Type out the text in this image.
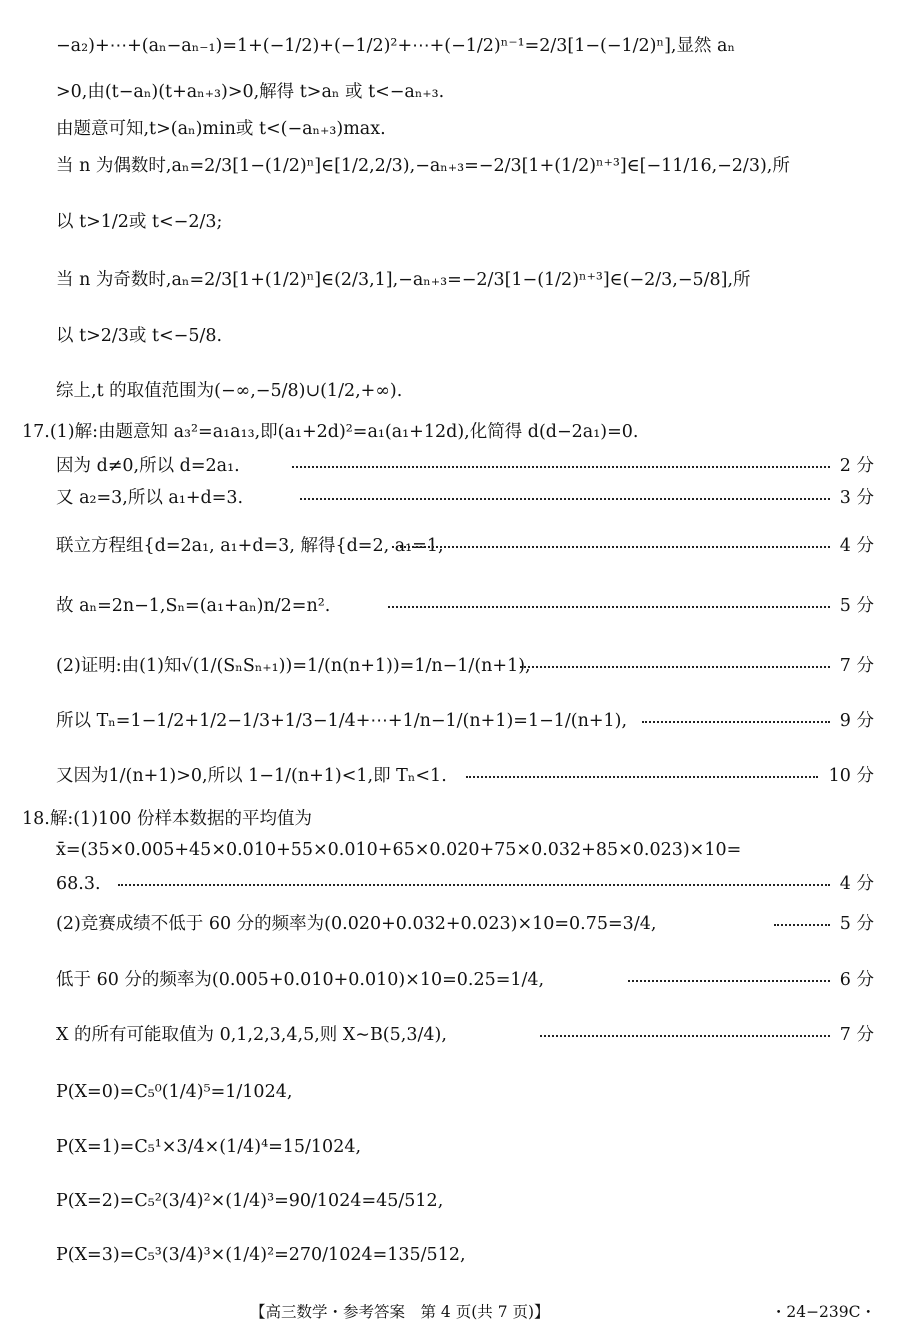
−a₂)+⋯+(aₙ−aₙ₋₁)=1+(−1/2)+(−1/2)²+⋯+(−1/2)ⁿ⁻¹=2/3[1−(−1/2)ⁿ],显然 aₙ
>0,由(t−aₙ)(t+aₙ₊₃)>0,解得 t>aₙ 或 t<−aₙ₊₃.
由题意可知,t>(aₙ)min或 t<(−aₙ₊₃)max.
当 n 为偶数时,aₙ=2/3[1−(1/2)ⁿ]∈[1/2,2/3),−aₙ₊₃=−2/3[1+(1/2)ⁿ⁺³]∈[−11/16,−2/3),所
以 t>1/2或 t<−2/3;
当 n 为奇数时,aₙ=2/3[1+(1/2)ⁿ]∈(2/3,1],−aₙ₊₃=−2/3[1−(1/2)ⁿ⁺³]∈(−2/3,−5/8],所
以 t>2/3或 t<−5/8.
综上,t 的取值范围为(−∞,−5/8)∪(1/2,+∞).
17.(1)解:由题意知 a₃²=a₁a₁₃,即(a₁+2d)²=a₁(a₁+12d),化简得 d(d−2a₁)=0.
因为 d≠0,所以 d=2a₁.	2 分
又 a₂=3,所以 a₁+d=3.	3 分
联立方程组{d=2a₁, a₁+d=3, 解得{d=2, a₁=1,	4 分
故 aₙ=2n−1,Sₙ=(a₁+aₙ)n/2=n².	5 分
(2)证明:由(1)知√(1/(SₙSₙ₊₁))=1/(n(n+1))=1/n−1/(n+1),	7 分
所以 Tₙ=1−1/2+1/2−1/3+1/3−1/4+⋯+1/n−1/(n+1)=1−1/(n+1),	9 分
又因为1/(n+1)>0,所以 1−1/(n+1)<1,即 Tₙ<1.	10 分
18.解:(1)100 份样本数据的平均值为
x̄=(35×0.005+45×0.010+55×0.010+65×0.020+75×0.032+85×0.023)×10=
68.3.	4 分
(2)竞赛成绩不低于 60 分的频率为(0.020+0.032+0.023)×10=0.75=3/4,	5 分
低于 60 分的频率为(0.005+0.010+0.010)×10=0.25=1/4,	6 分
X 的所有可能取值为 0,1,2,3,4,5,则 X∼B(5,3/4),	7 分
P(X=0)=C₅⁰(1/4)⁵=1/1024,
P(X=1)=C₅¹×3/4×(1/4)⁴=15/1024,
P(X=2)=C₅²(3/4)²×(1/4)³=90/1024=45/512,
P(X=3)=C₅³(3/4)³×(1/4)²=270/1024=135/512,
【高三数学・参考答案　第 4 页(共 7 页)】	・24−239C・
